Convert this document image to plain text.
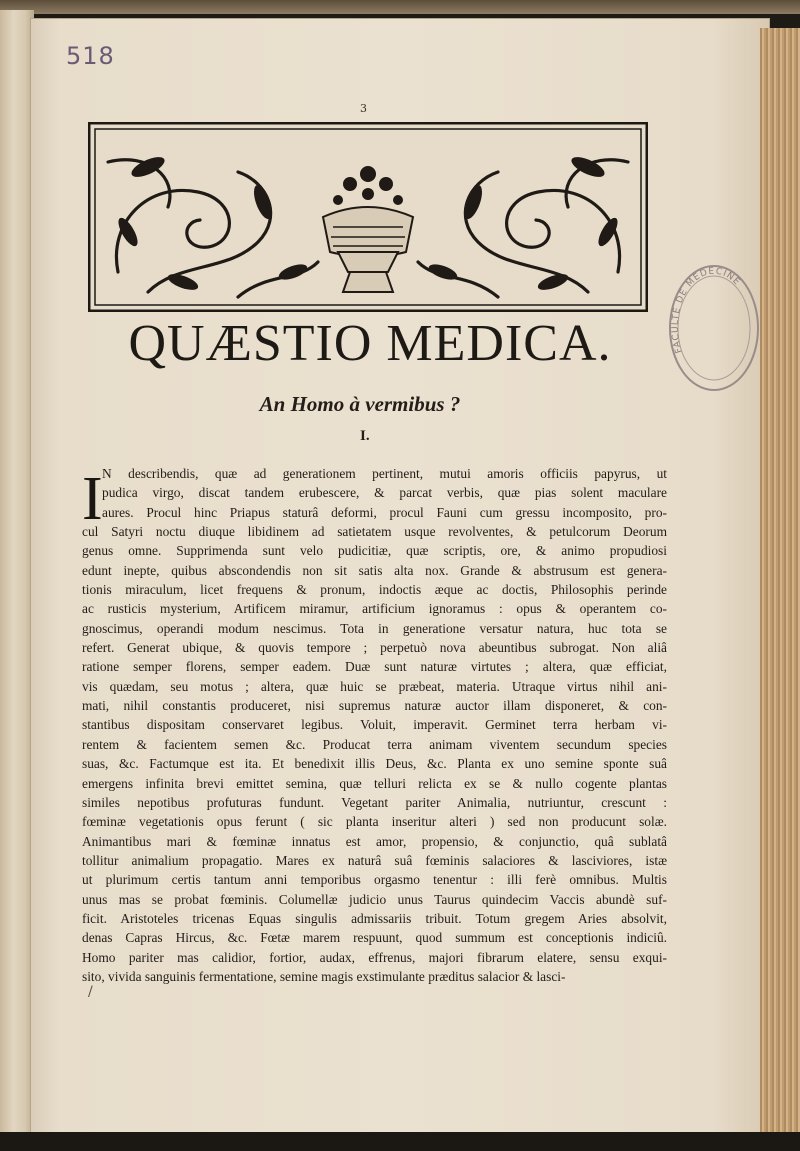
518
3
QUÆSTIO MEDICA.
An Homo à vermibus ?
I.
FACULTE DE MEDECINE
I N describendis, quæ ad generationem pertinent, mutui amoris officiis papyrus, ut
pudica virgo, discat tandem erubescere, & parcat verbis, quæ pias solent maculare
aures. Procul hinc Priapus staturâ deformi, procul Fauni cum gressu incomposito, pro-
cul Satyri noctu diuque libidinem ad satietatem usque revolventes, & petulcorum Deorum
genus omne. Supprimenda sunt velo pudicitiæ, quæ scriptis, ore, & animo propudiosi
edunt inepte, quibus abscondendis non sit satis alta nox. Grande & abstrusum est genera-
tionis miraculum, licet frequens & pronum, indoctis æque ac doctis, Philosophis perinde
ac rusticis mysterium, Artificem miramur, artificium ignoramus : opus & operantem co-
gnoscimus, operandi modum nescimus. Tota in generatione versatur natura, huc tota se
refert. Generat ubique, & quovis tempore ; perpetuò nova abeuntibus subrogat. Non aliâ
ratione semper florens, semper eadem. Duæ sunt naturæ virtutes ; altera, quæ efficiat,
vis quædam, seu motus ; altera, quæ huic se præbeat, materia. Utraque virtus nihil ani-
mati, nihil constantis produceret, nisi supremus naturæ auctor illam disponeret, & con-
stantibus dispositam conservaret legibus. Voluit, imperavit. Germinet terra herbam vi-
rentem & facientem semen &c. Producat terra animam viventem secundum species
suas, &c. Factumque est ita. Et benedixit illis Deus, &c. Planta ex uno semine sponte suâ
emergens infinita brevi emittet semina, quæ telluri relicta ex se & nullo cogente plantas
similes nepotibus profuturas fundunt. Vegetant pariter Animalia, nutriuntur, crescunt :
fœminæ vegetationis opus ferunt ( sic planta inseritur alteri ) sed non producunt solæ.
Animantibus mari & fœminæ innatus est amor, propensio, & conjunctio, quâ sublatâ
tollitur animalium propagatio. Mares ex naturâ suâ fœminis salaciores & lasciviores, istæ
ut plurimum certis tantum anni temporibus orgasmo tenentur : illi ferè omnibus. Multis
unus mas se probat fœminis. Columellæ judicio unus Taurus quindecim Vaccis abundè suf-
ficit. Aristoteles tricenas Equas singulis admissariis tribuit. Totum gregem Aries absolvit,
denas Capras Hircus, &c. Fœtæ marem respuunt, quod summum est conceptionis indiciû.
Homo pariter mas calidior, fortior, audax, effrenus, majori fibrarum elatere, sensu exqui-
sito, vivida sanguinis fermentatione, semine magis exstimulante præditus salacior & lasci-
/
